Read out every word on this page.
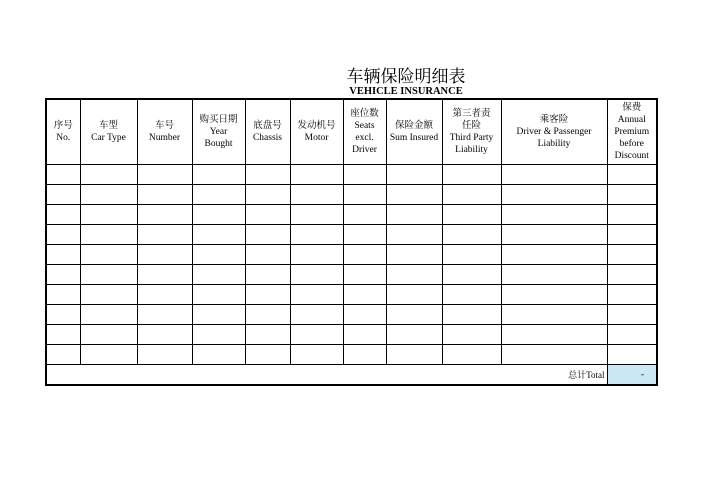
车辆保险明细表
VEHICLE INSURANCE
序号
No.	车型
Car Type	车号
Number	购买日期
Year
Bought	底盘号
Chassis	发动机号
Motor	座位数
Seats
excl.
Driver	保险金额
Sum Insured	第三者责
任险
Third Party
Liability	乘客险
Driver & Passenger
Liability	保费
Annual
Premium
before
Discount

总计Total										-
